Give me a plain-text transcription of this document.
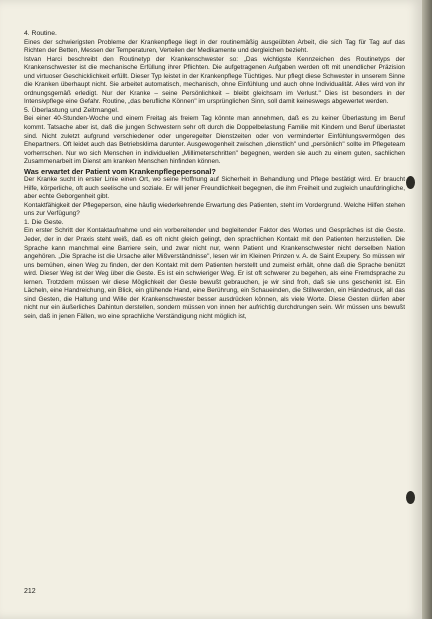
4. Routine.

Eines der schwierigsten Probleme der Krankenpflege liegt in der routinemäßig ausgeübten Arbeit, die sich Tag für Tag auf das Richten der Betten, Messen der Temperaturen, Verteilen der Medikamente und dergleichen bezieht.

Istvan Harci beschreibt den Routinetyp der Krankenschwester so: „Das wichtigste Kennzeichen des Routinetyps der Krankenschwester ist die mechanische Erfüllung ihrer Pflichten. Die aufgetragenen Aufgaben werden oft mit unendlicher Präzision und virtuoser Geschicklichkeit erfüllt. Dieser Typ leistet in der Krankenpflege Tüchtiges. Nur pflegt diese Schwester in unserem Sinne die Kranken überhaupt nicht. Sie arbeitet automatisch, mechanisch, ohne Einfühlung und auch ohne Individualität. Alles wird von ihr ordnungsgemäß erledigt. Nur der Kranke – seine Persönlichkeit – bleibt gleichsam im Verlust." Dies ist besonders in der Intensivpflege eine Gefahr. Routine, „das berufliche Können" im ursprünglichen Sinn, soll damit keineswegs abgewertet werden.

5. Überlastung und Zeitmangel.

Bei einer 40-Stunden-Woche und einem Freitag als freiem Tag könnte man annehmen, daß es zu keiner Überlastung im Beruf kommt. Tatsache aber ist, daß die jungen Schwestern sehr oft durch die Doppelbelastung Familie mit Kindern und Beruf überlastet sind. Nicht zuletzt aufgrund verschiedener oder ungeregelter Dienstzeiten oder von verminderter Einfühlungsvermögen des Ehepartners. Oft leidet auch das Betriebsklima darunter. Ausgewogenheit zwischen „dienstlich" und „persönlich" sollte im Pflegeteam vorherrschen. Nur wo sich Menschen in individuellen „Millimeterschritten" begegnen, werden sie auch zu einem guten, sachlichen Zusammenarbeit im Dienst am kranken Menschen hinfinden können.

Was erwartet der Patient vom Krankenpflegepersonal?

Der Kranke sucht in erster Linie einen Ort, wo seine Hoffnung auf Sicherheit in Behandlung und Pflege bestätigt wird. Er braucht Hilfe, körperliche, oft auch seelische und soziale. Er will jener Freundlichkeit begegnen, die ihm Freiheit und zugleich unaufdringliche, aber echte Geborgenheit gibt.

Kontaktfähigkeit der Pflegeperson, eine häufig wiederkehrende Erwartung des Patienten, steht im Vordergrund. Welche Hilfen stehen uns zur Verfügung?

1. Die Geste.

Ein erster Schritt der Kontaktaufnahme und ein vorbereitender und begleitender Faktor des Wortes und Gespräches ist die Geste. Jeder, der in der Praxis steht weiß, daß es oft nicht gleich gelingt, den sprachlichen Kontakt mit den Patienten herzustellen. Die Sprache kann manchmal eine Barriere sein, und zwar nicht nur, wenn Patient und Krankenschwester nicht derselben Nation angehören. „Die Sprache ist die Ursache aller Mißverständnisse", lesen wir im Kleinen Prinzen v. A. de Saint Exupery. So müssen wir uns bemühen, einen Weg zu finden, der den Kontakt mit dem Patienten herstellt und zumeist erhält, ohne daß die Sprache benützt wird. Dieser Weg ist der Weg über die Geste. Es ist ein schwieriger Weg. Er ist oft schwerer zu begehen, als eine Fremdsprache zu lernen. Trotzdem müssen wir diese Möglichkeit der Geste bewußt gebrauchen, je wir sind froh, daß sie uns geschenkt ist. Ein Lächeln, eine Handreichung, ein Blick, ein glühende Hand, eine Berührung, ein Schaueinden, die Stillwerden, ein Händedruck, all das sind Gesten, die Haltung und Wille der Krankenschwester besser ausdrücken können, als viele Worte. Diese Gesten dürfen aber nicht nur ein äußerliches Dahintun derstellen, sondern müssen von innen her aufrichtig durchdrungen sein. Wir müssen uns bewußt sein, daß in jenen Fällen, wo eine sprachliche Verständigung nicht möglich ist,

212
